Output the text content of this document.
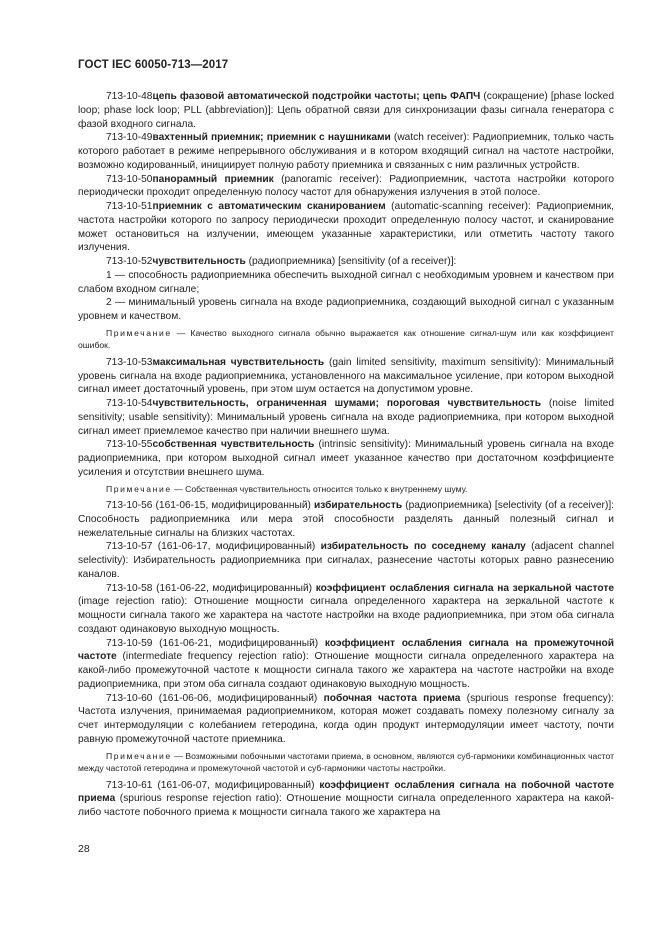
ГОСТ IEC 60050-713—2017

713-10-48цепь фазовой автоматической подстройки частоты; цепь ФАПЧ (сокращение) [phase locked loop; phase lock loop; PLL (abbreviation)]: Цепь обратной связи для синхронизации фазы сигнала генератора с фазой входного сигнала.

713-10-49вахтенный приемник; приемник с наушниками (watch receiver): Радиоприемник, только часть которого работает в режиме непрерывного обслуживания и в котором входящий сигнал на частоте настройки, возможно кодированный, инициирует полную работу приемника и связанных с ним различных устройств.

713-10-50панорамный приемник (panoramic receiver): Радиоприемник, частота настройки которого периодически проходит определенную полосу частот для обнаружения излучения в этой полосе.

713-10-51приемник с автоматическим сканированием (automatic-scanning receiver): Радиоприемник, частота настройки которого по запросу периодически проходит определенную полосу частот, и сканирование может остановиться на излучении, имеющем указанные характеристики, или отметить частоту такого излучения.

713-10-52чувствительность (радиоприемника) [sensitivity (of a receiver)]:

1 — способность радиоприемника обеспечить выходной сигнал с необходимым уровнем и качеством при слабом входном сигнале;

2 — минимальный уровень сигнала на входе радиоприемника, создающий выходной сигнал с указанным уровнем и качеством.

Примечание — Качество выходного сигнала обычно выражается как отношение сигнал-шум или как коэффициент ошибок.

713-10-53максимальная чувствительность (gain limited sensitivity, maximum sensitivity): Минимальный уровень сигнала на входе радиоприемника, установленного на максимальное усиление, при котором выходной сигнал имеет достаточный уровень, при этом шум остается на допустимом уровне.

713-10-54чувствительность, ограниченная шумами; пороговая чувствительность (noise limited sensitivity; usable sensitivity): Минимальный уровень сигнала на входе радиоприемника, при котором выходной сигнал имеет приемлемое качество при наличии внешнего шума.

713-10-55собственная чувствительность (intrinsic sensitivity): Минимальный уровень сигнала на входе радиоприемника, при котором выходной сигнал имеет указанное качество при достаточном коэффициенте усиления и отсутствии внешнего шума.

Примечание — Собственная чувствительность относится только к внутреннему шуму.

713-10-56 (161-06-15, модифицированный) избирательность (радиоприемника) [selectivity (of a receiver)]: Способность радиоприемника или мера этой способности разделять данный полезный сигнал и нежелательные сигналы на близких частотах.

713-10-57 (161-06-17, модифицированный) избирательность по соседнему каналу (adjacent channel selectivity): Избирательность радиоприемника при сигналах, разнесение частоты которых равно разнесению каналов.

713-10-58 (161-06-22, модифицированный) коэффициент ослабления сигнала на зеркальной частоте (image rejection ratio): Отношение мощности сигнала определенного характера на зеркальной частоте к мощности сигнала такого же характера на частоте настройки на входе радиоприемника, при этом оба сигнала создают одинаковую выходную мощность.

713-10-59 (161-06-21, модифицированный) коэффициент ослабления сигнала на промежуточной частоте (intermediate frequency rejection ratio): Отношение мощности сигнала определенного характера на какой-либо промежуточной частоте к мощности сигнала такого же характера на частоте настройки на входе радиоприемника, при этом оба сигнала создают одинаковую выходную мощность.

713-10-60 (161-06-06, модифицированный) побочная частота приема (spurious response frequency): Частота излучения, принимаемая радиоприемником, которая может создавать помеху полезному сигналу за счет интермодуляции с колебанием гетеродина, когда один продукт интермодуляции имеет частоту, почти равную промежуточной частоте приемника.

Примечание — Возможными побочными частотами приема, в основном, являются суб-гармоники комбинационных частот между частотой гетеродина и промежуточной частотой и суб-гармоники частоты настройки.

713-10-61 (161-06-07, модифицированный) коэффициент ослабления сигнала на побочной частоте приема (spurious response rejection ratio): Отношение мощности сигнала определенного характера на какой-либо частоте побочного приема к мощности сигнала такого же характера на

28
